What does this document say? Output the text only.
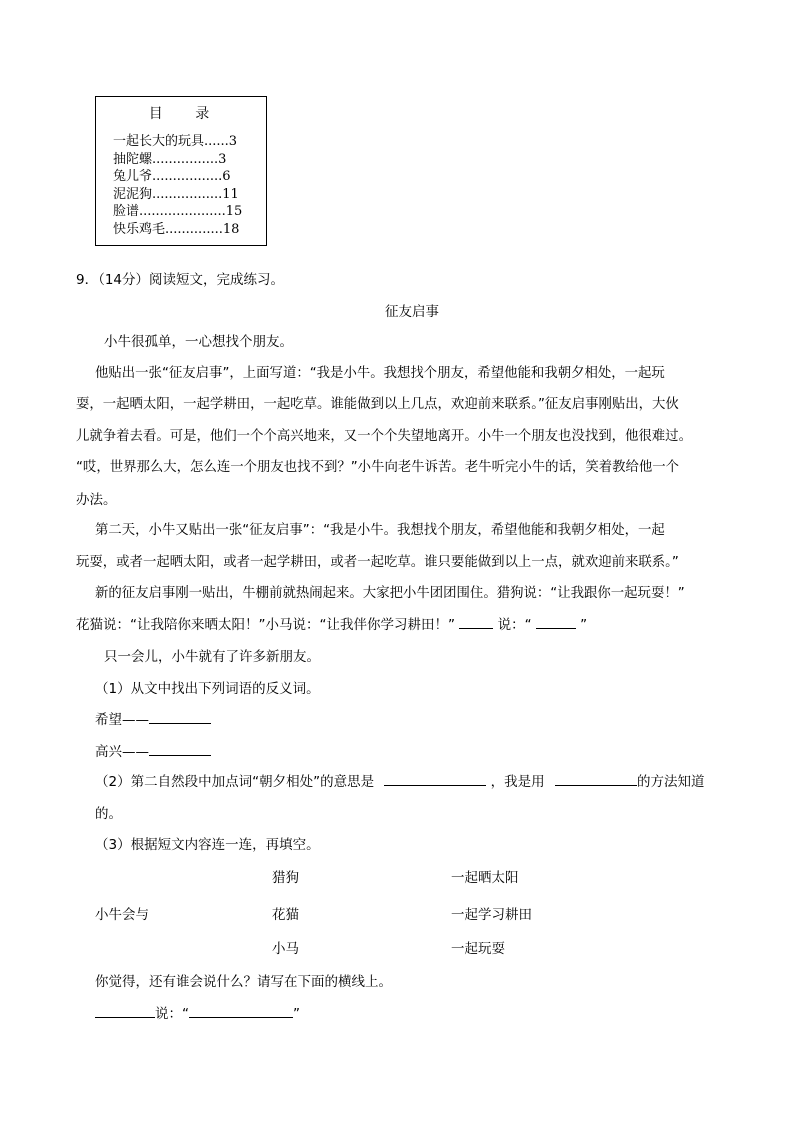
目 录
一起长大的玩具......3
抽陀螺................3
兔儿爷.................6
泥泥狗.................11
脸谱.....................15
快乐鸡毛..............18
9．（14分）阅读短文，完成练习。
征友启事
小牛很孤单，一心想找个朋友。
他贴出一张“征友启事”，上面写道：“我是小牛。我想找个朋友，希望他能和我朝夕相处，一起玩
耍，一起晒太阳，一起学耕田，一起吃草。谁能做到以上几点，欢迎前来联系。”征友启事刚贴出，大伙
儿就争着去看。可是，他们一个个高兴地来，又一个个失望地离开。小牛一个朋友也没找到，他很难过。
“哎，世界那么大，怎么连一个朋友也找不到？”小牛向老牛诉苦。老牛听完小牛的话，笑着教给他一个
办法。
第二天，小牛又贴出一张“征友启事”：“我是小牛。我想找个朋友，希望他能和我朝夕相处，一起
玩耍，或者一起晒太阳，或者一起学耕田，或者一起吃草。谁只要能做到以上一点，就欢迎前来联系。”
新的征友启事刚一贴出，牛棚前就热闹起来。大家把小牛团团围住。猎狗说：“让我跟你一起玩耍！”
花猫说：“让我陪你来晒太阳！”小马说：“让我伴你学习耕田！”	说：“	”
只一会儿，小牛就有了许多新朋友。
（1）从文中找出下列词语的反义词。
希望——
高兴——
（2）第二自然段中加点词“朝夕相处”的意思是	，我是用	的方法知道
的。
（3）根据短文内容连一连，再填空。
猎狗	一起晒太阳
小牛会与	花猫	一起学习耕田
小马	一起玩耍
你觉得，还有谁会说什么？请写在下面的横线上。
说：“	”
